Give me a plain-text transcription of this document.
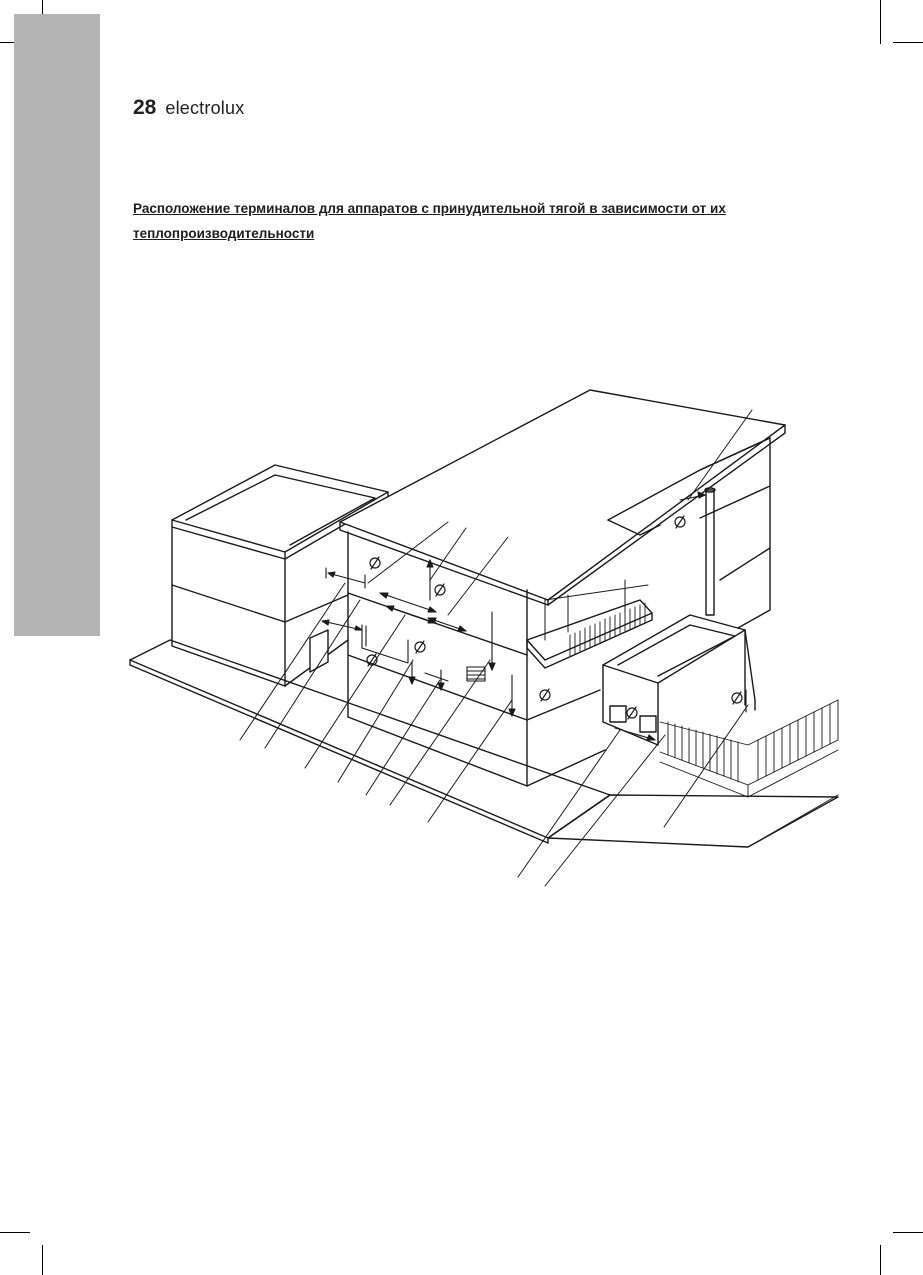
28 electrolux
Расположение терминалов для аппаратов с принудительной тягой в зависимости от их
теплопроизводительности
